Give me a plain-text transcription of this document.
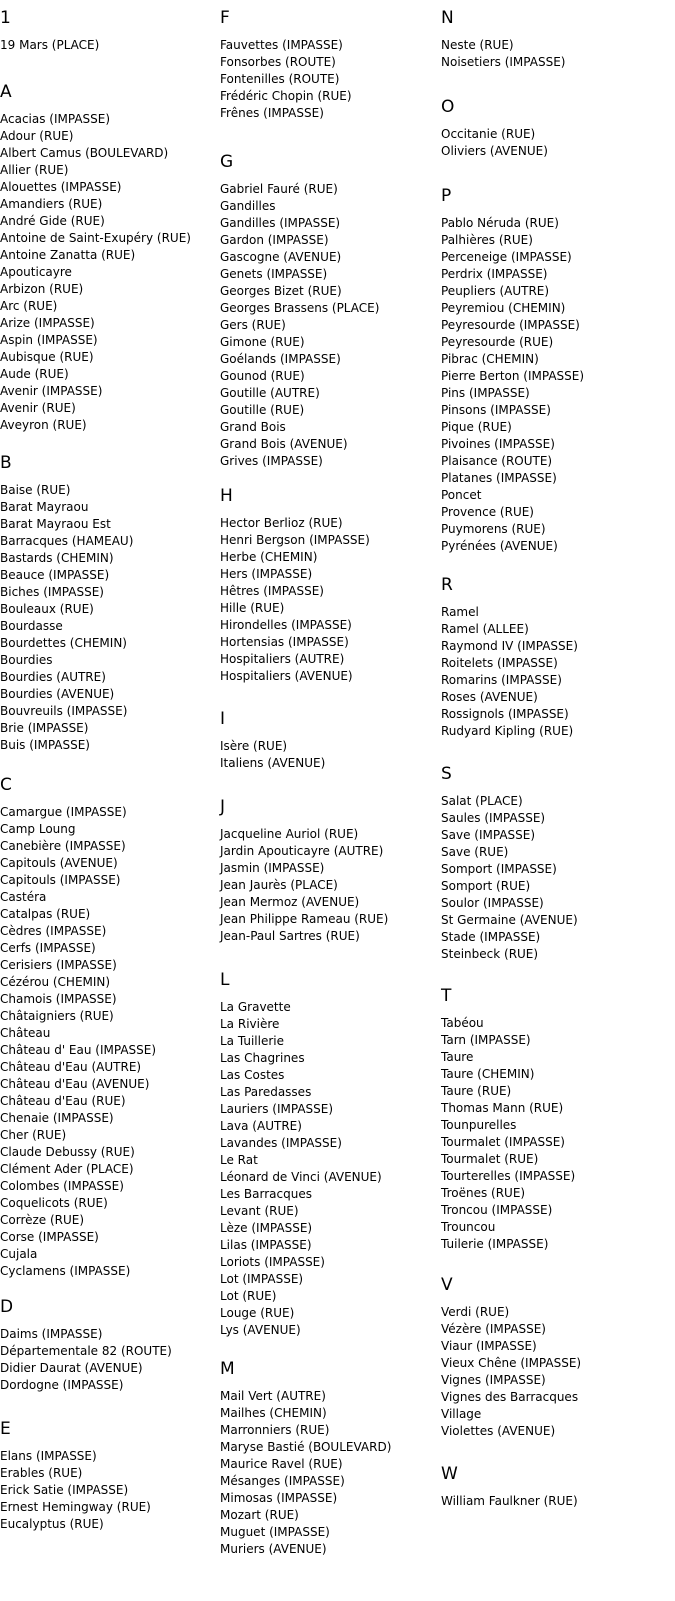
1
19 Mars (PLACE)
A
Acacias (IMPASSE)
Adour (RUE)
Albert Camus (BOULEVARD)
Allier (RUE)
Alouettes (IMPASSE)
Amandiers (RUE)
André Gide (RUE)
Antoine de Saint-Exupéry (RUE)
Antoine Zanatta (RUE)
Apouticayre
Arbizon (RUE)
Arc (RUE)
Arize (IMPASSE)
Aspin (IMPASSE)
Aubisque (RUE)
Aude (RUE)
Avenir (IMPASSE)
Avenir (RUE)
Aveyron (RUE)
B
Baise (RUE)
Barat Mayraou
Barat Mayraou Est
Barracques (HAMEAU)
Bastards (CHEMIN)
Beauce (IMPASSE)
Biches (IMPASSE)
Bouleaux (RUE)
Bourdasse
Bourdettes (CHEMIN)
Bourdies
Bourdies (AUTRE)
Bourdies (AVENUE)
Bouvreuils (IMPASSE)
Brie (IMPASSE)
Buis (IMPASSE)
C
Camargue (IMPASSE)
Camp Loung
Canebière (IMPASSE)
Capitouls (AVENUE)
Capitouls (IMPASSE)
Castéra
Catalpas (RUE)
Cèdres (IMPASSE)
Cerfs (IMPASSE)
Cerisiers (IMPASSE)
Cézérou (CHEMIN)
Chamois (IMPASSE)
Châtaigniers (RUE)
Château
Château d' Eau (IMPASSE)
Château d'Eau (AUTRE)
Château d'Eau (AVENUE)
Château d'Eau (RUE)
Chenaie (IMPASSE)
Cher (RUE)
Claude Debussy (RUE)
Clément Ader (PLACE)
Colombes (IMPASSE)
Coquelicots (RUE)
Corrèze (RUE)
Corse (IMPASSE)
Cujala
Cyclamens (IMPASSE)
D
Daims (IMPASSE)
Départementale 82 (ROUTE)
Didier Daurat (AVENUE)
Dordogne (IMPASSE)
E
Elans (IMPASSE)
Erables (RUE)
Erick Satie (IMPASSE)
Ernest Hemingway (RUE)
Eucalyptus (RUE)
F
Fauvettes (IMPASSE)
Fonsorbes (ROUTE)
Fontenilles (ROUTE)
Frédéric Chopin (RUE)
Frênes (IMPASSE)
G
Gabriel Fauré (RUE)
Gandilles
Gandilles (IMPASSE)
Gardon (IMPASSE)
Gascogne (AVENUE)
Genets (IMPASSE)
Georges Bizet (RUE)
Georges Brassens (PLACE)
Gers (RUE)
Gimone (RUE)
Goélands (IMPASSE)
Gounod (RUE)
Goutille (AUTRE)
Goutille (RUE)
Grand Bois
Grand Bois (AVENUE)
Grives (IMPASSE)
H
Hector Berlioz (RUE)
Henri Bergson (IMPASSE)
Herbe (CHEMIN)
Hers (IMPASSE)
Hêtres (IMPASSE)
Hille (RUE)
Hirondelles (IMPASSE)
Hortensias (IMPASSE)
Hospitaliers (AUTRE)
Hospitaliers (AVENUE)
I
Isère (RUE)
Italiens (AVENUE)
J
Jacqueline Auriol (RUE)
Jardin Apouticayre (AUTRE)
Jasmin (IMPASSE)
Jean Jaurès (PLACE)
Jean Mermoz (AVENUE)
Jean Philippe Rameau (RUE)
Jean-Paul Sartres (RUE)
L
La Gravette
La Rivière
La Tuillerie
Las Chagrines
Las Costes
Las Paredasses
Lauriers (IMPASSE)
Lava (AUTRE)
Lavandes (IMPASSE)
Le Rat
Léonard de Vinci (AVENUE)
Les Barracques
Levant (RUE)
Lèze (IMPASSE)
Lilas (IMPASSE)
Loriots (IMPASSE)
Lot (IMPASSE)
Lot (RUE)
Louge (RUE)
Lys (AVENUE)
M
Mail Vert (AUTRE)
Mailhes (CHEMIN)
Marronniers (RUE)
Maryse Bastié (BOULEVARD)
Maurice Ravel (RUE)
Mésanges (IMPASSE)
Mimosas (IMPASSE)
Mozart (RUE)
Muguet (IMPASSE)
Muriers (AVENUE)
N
Neste (RUE)
Noisetiers (IMPASSE)
O
Occitanie (RUE)
Oliviers (AVENUE)
P
Pablo Néruda (RUE)
Palhières (RUE)
Perceneige (IMPASSE)
Perdrix (IMPASSE)
Peupliers (AUTRE)
Peyremiou (CHEMIN)
Peyresourde (IMPASSE)
Peyresourde (RUE)
Pibrac (CHEMIN)
Pierre Berton (IMPASSE)
Pins (IMPASSE)
Pinsons (IMPASSE)
Pique (RUE)
Pivoines (IMPASSE)
Plaisance (ROUTE)
Platanes (IMPASSE)
Poncet
Provence (RUE)
Puymorens (RUE)
Pyrénées (AVENUE)
R
Ramel
Ramel (ALLEE)
Raymond IV (IMPASSE)
Roitelets (IMPASSE)
Romarins (IMPASSE)
Roses (AVENUE)
Rossignols (IMPASSE)
Rudyard Kipling (RUE)
S
Salat (PLACE)
Saules (IMPASSE)
Save (IMPASSE)
Save (RUE)
Somport (IMPASSE)
Somport (RUE)
Soulor (IMPASSE)
St Germaine (AVENUE)
Stade (IMPASSE)
Steinbeck (RUE)
T
Tabéou
Tarn (IMPASSE)
Taure
Taure (CHEMIN)
Taure (RUE)
Thomas Mann (RUE)
Tounpurelles
Tourmalet (IMPASSE)
Tourmalet (RUE)
Tourterelles (IMPASSE)
Troënes (RUE)
Troncou (IMPASSE)
Trouncou
Tuilerie (IMPASSE)
V
Verdi (RUE)
Vézère (IMPASSE)
Viaur (IMPASSE)
Vieux Chêne (IMPASSE)
Vignes (IMPASSE)
Vignes des Barracques
Village
Violettes (AVENUE)
W
William Faulkner (RUE)
